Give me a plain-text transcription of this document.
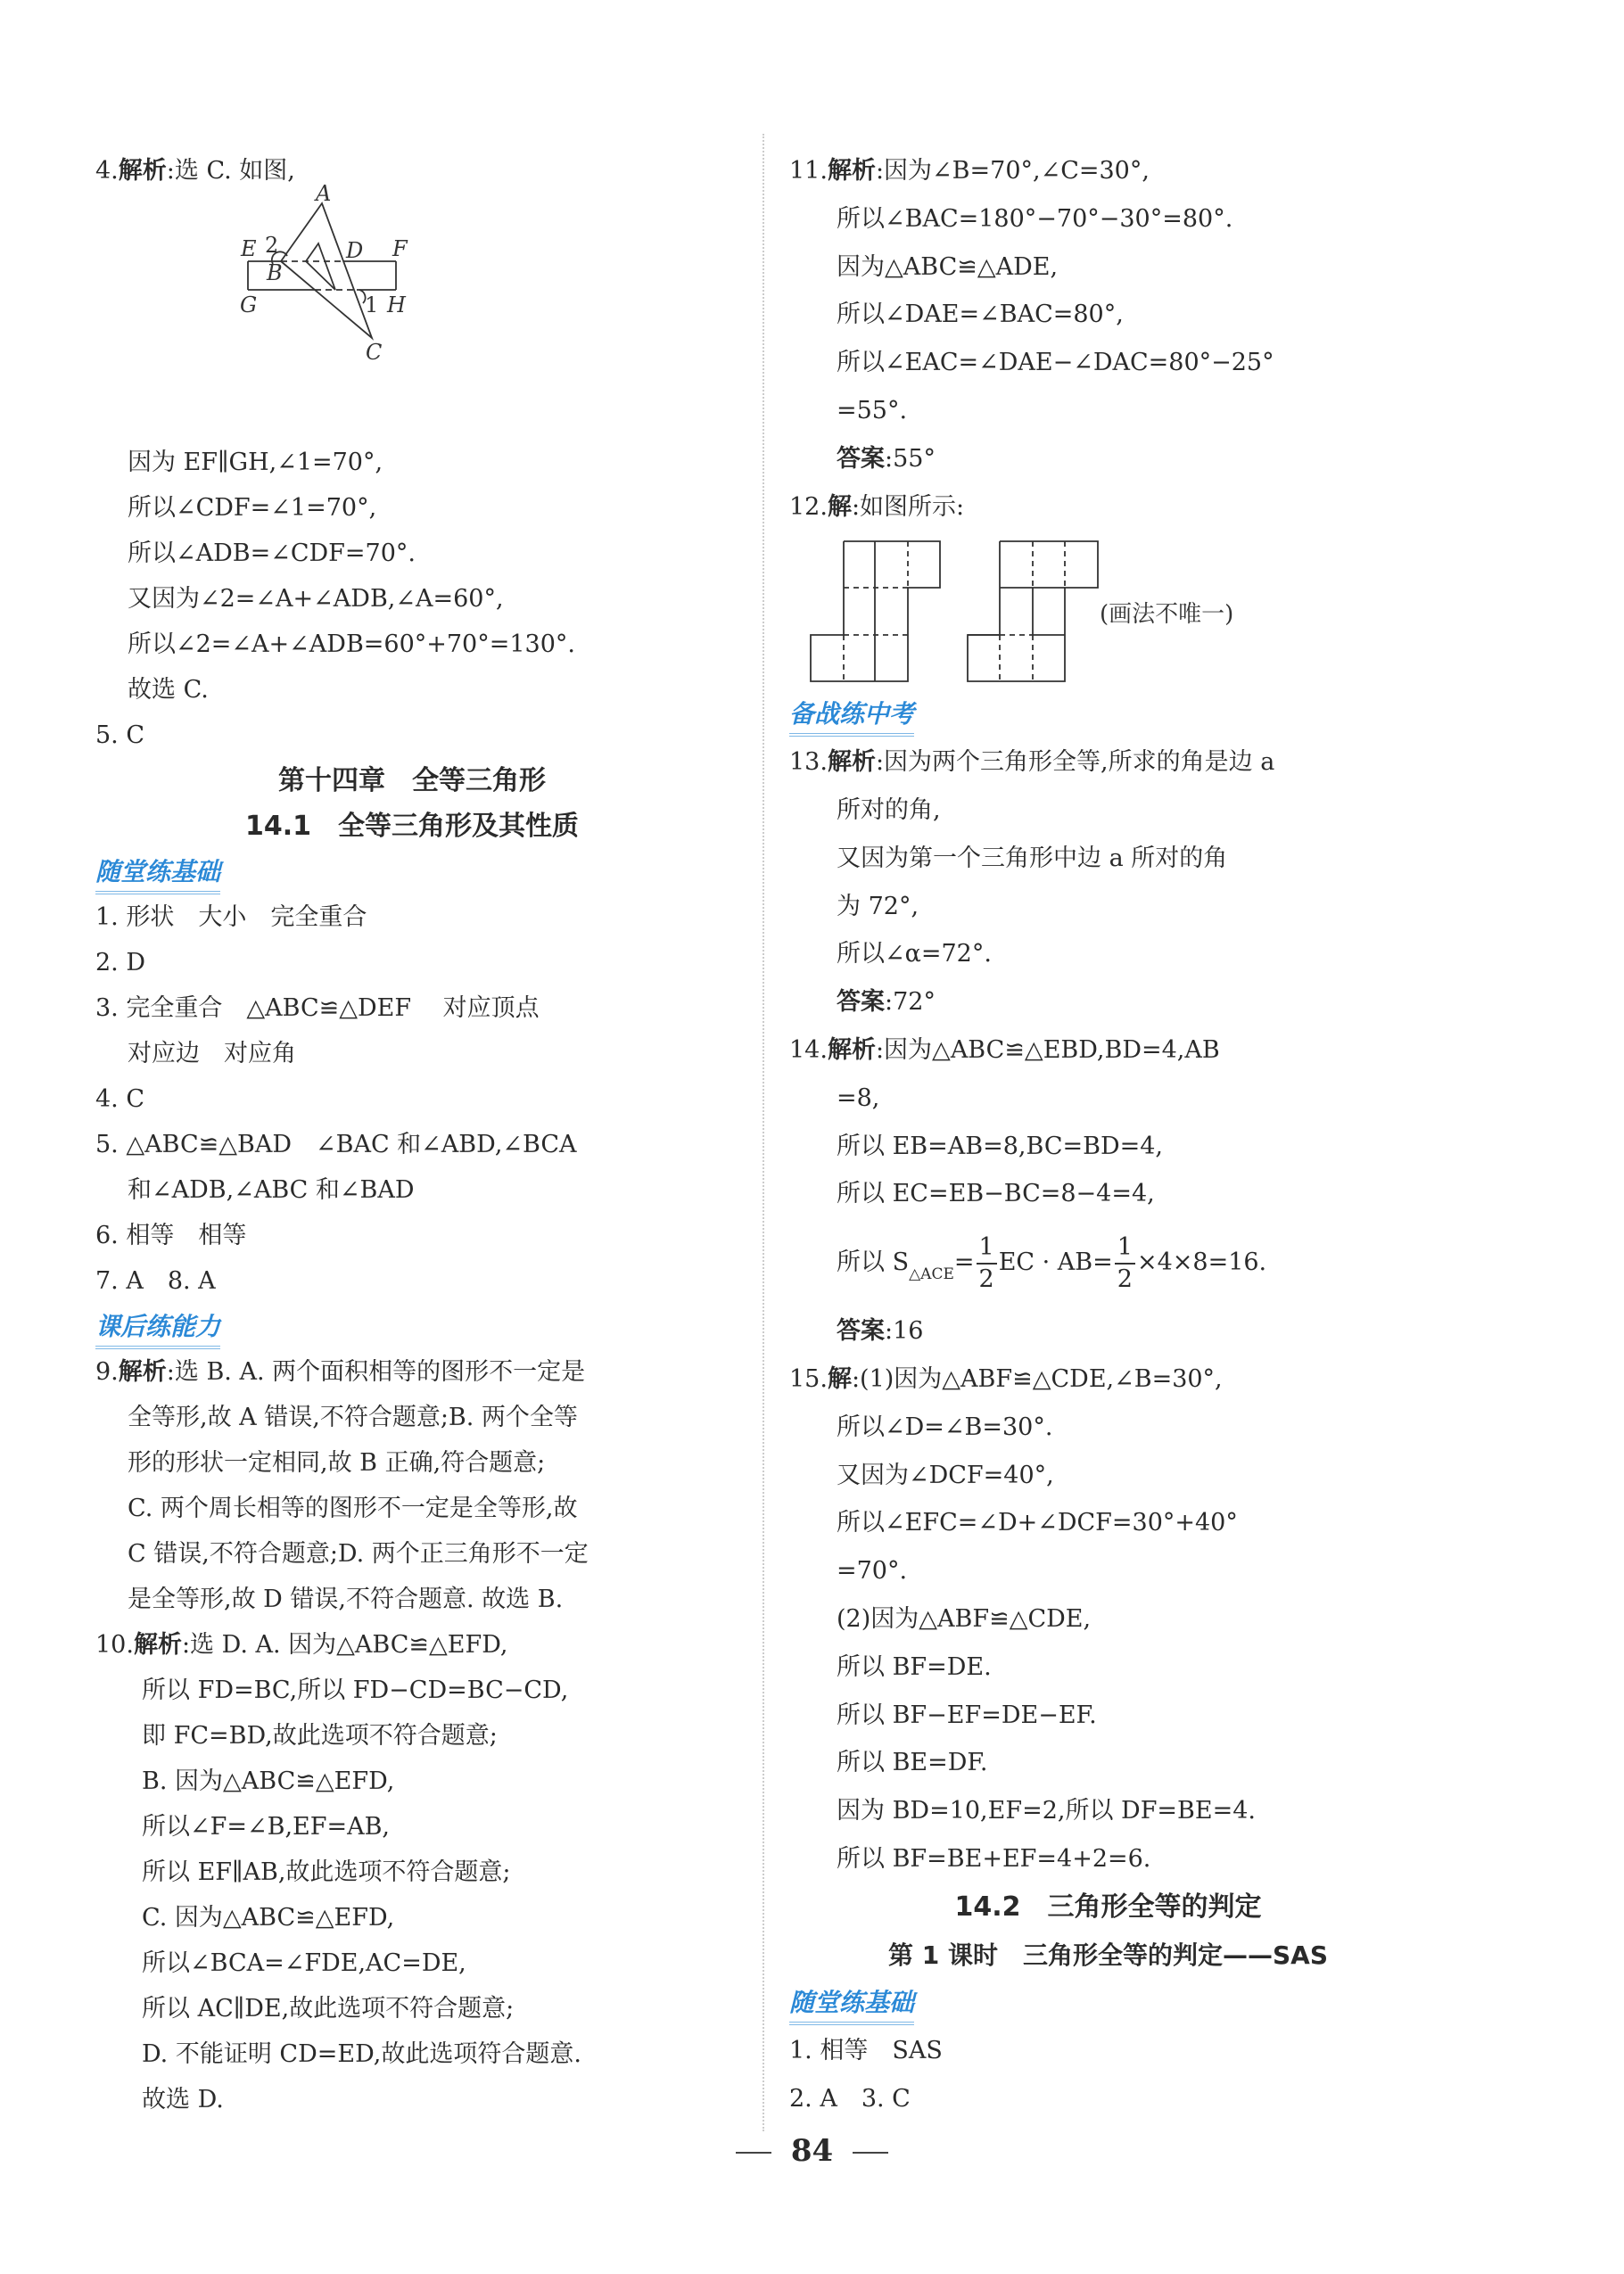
4.解析:选 C. 如图,
因为 EF∥GH,∠1=70°,
所以∠CDF=∠1=70°,
所以∠ADB=∠CDF=70°.
又因为∠2=∠A+∠ADB,∠A=60°,
所以∠2=∠A+∠ADB=60°+70°=130°.
故选 C.
5. C
第十四章　全等三角形
14.1　全等三角形及其性质
随堂练基础
1. 形状　大小　完全重合
2. D
3. 完全重合　△ABC≌△DEF　 对应顶点
对应边　对应角
4. C
5. △ABC≌△BAD　∠BAC 和∠ABD,∠BCA
和∠ADB,∠ABC 和∠BAD
6. 相等　相等
7. A　8. A
课后练能力
9.解析:选 B. A. 两个面积相等的图形不一定是
全等形,故 A 错误,不符合题意;B. 两个全等
形的形状一定相同,故 B 正确,符合题意;
C. 两个周长相等的图形不一定是全等形,故
C 错误,不符合题意;D. 两个正三角形不一定
是全等形,故 D 错误,不符合题意. 故选 B.
10.解析:选 D. A. 因为△ABC≌△EFD,
所以 FD=BC,所以 FD−CD=BC−CD,
即 FC=BD,故此选项不符合题意;
B. 因为△ABC≌△EFD,
所以∠F=∠B,EF=AB,
所以 EF∥AB,故此选项不符合题意;
C. 因为△ABC≌△EFD,
所以∠BCA=∠FDE,AC=DE,
所以 AC∥DE,故此选项不符合题意;
D. 不能证明 CD=ED,故此选项符合题意.
故选 D.
11.解析:因为∠B=70°,∠C=30°,
所以∠BAC=180°−70°−30°=80°.
因为△ABC≌△ADE,
所以∠DAE=∠BAC=80°,
所以∠EAC=∠DAE−∠DAC=80°−25°
=55°.
答案:55°
12.解:如图所示:
备战练中考
13.解析:因为两个三角形全等,所求的角是边 a
所对的角,
又因为第一个三角形中边 a 所对的角
为 72°,
所以∠α=72°.
答案:72°
14.解析:因为△ABC≌△EBD,BD=4,AB
=8,
所以 EB=AB=8,BC=BD=4,
所以 EC=EB−BC=8−4=4,
所以 $S_{\triangle ACE}= \frac{1}{2}$ EC · $AB= \frac{1}{2} \times 4\times 8=16$.
答案:16
15.解:(1)因为△ABF≌△CDE,∠B=30°,
所以∠D=∠B=30°.
又因为∠DCF=40°,
所以∠EFC=∠D+∠DCF=30°+40°
=70°.
(2)因为△ABF≌△CDE,
所以 BF=DE.
所以 BF−EF=DE−EF.
所以 BE=DF.
因为 BD=10,EF=2,所以 DF=BE=4.
所以 BF=BE+EF=4+2=6.
14.2　三角形全等的判定
第 1 课时　三角形全等的判定——SAS
随堂练基础
1. 相等　SAS
2. A　3. C
A
E 2	D F
B
G	1 H
C
(画法不唯一)
84
